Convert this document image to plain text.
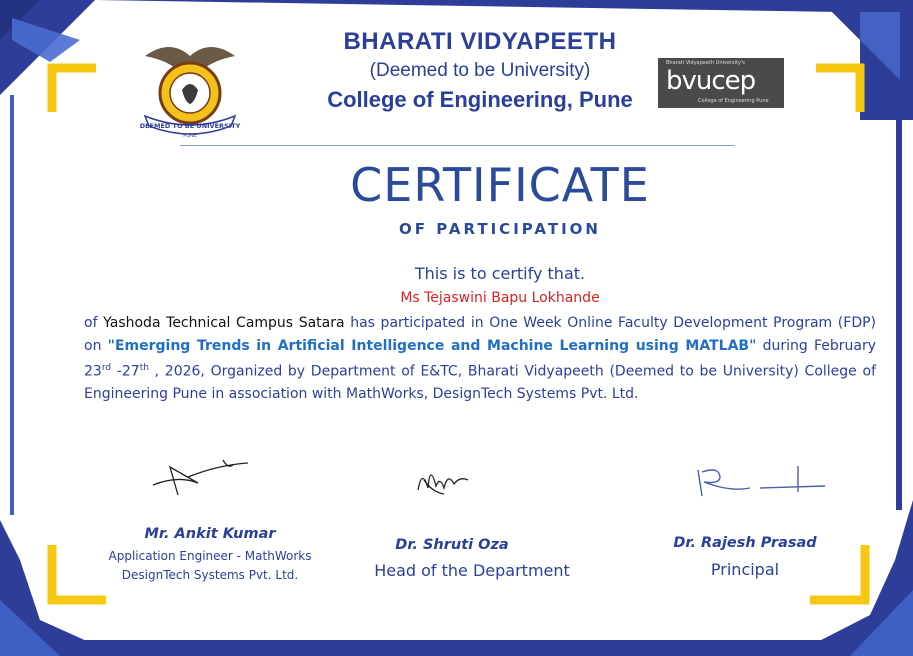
DEEMED TO BE UNIVERSITY
PUNE
Bharati Vidyapeeth University's
bvucep
College of Engineering Pune
BHARATI VIDYAPEETH
(Deemed to be University)
College of Engineering, Pune
CERTIFICATE
OF PARTICIPATION
This is to certify that.
Ms Tejaswini Bapu Lokhande
of Yashoda Technical Campus Satara has participated in One Week Online Faculty Development Program (FDP) on "Emerging Trends in Artificial Intelligence and Machine Learning using MATLAB" during February 23rd -27th , 2026, Organized by Department of E&TC, Bharati Vidyapeeth (Deemed to be University) College of Engineering Pune in association with MathWorks, DesignTech Systems Pvt. Ltd.
Mr. Ankit Kumar
Application Engineer - MathWorks
DesignTech Systems Pvt. Ltd.
Dr. Shruti Oza
Head of the Department
Dr. Rajesh Prasad
Principal
